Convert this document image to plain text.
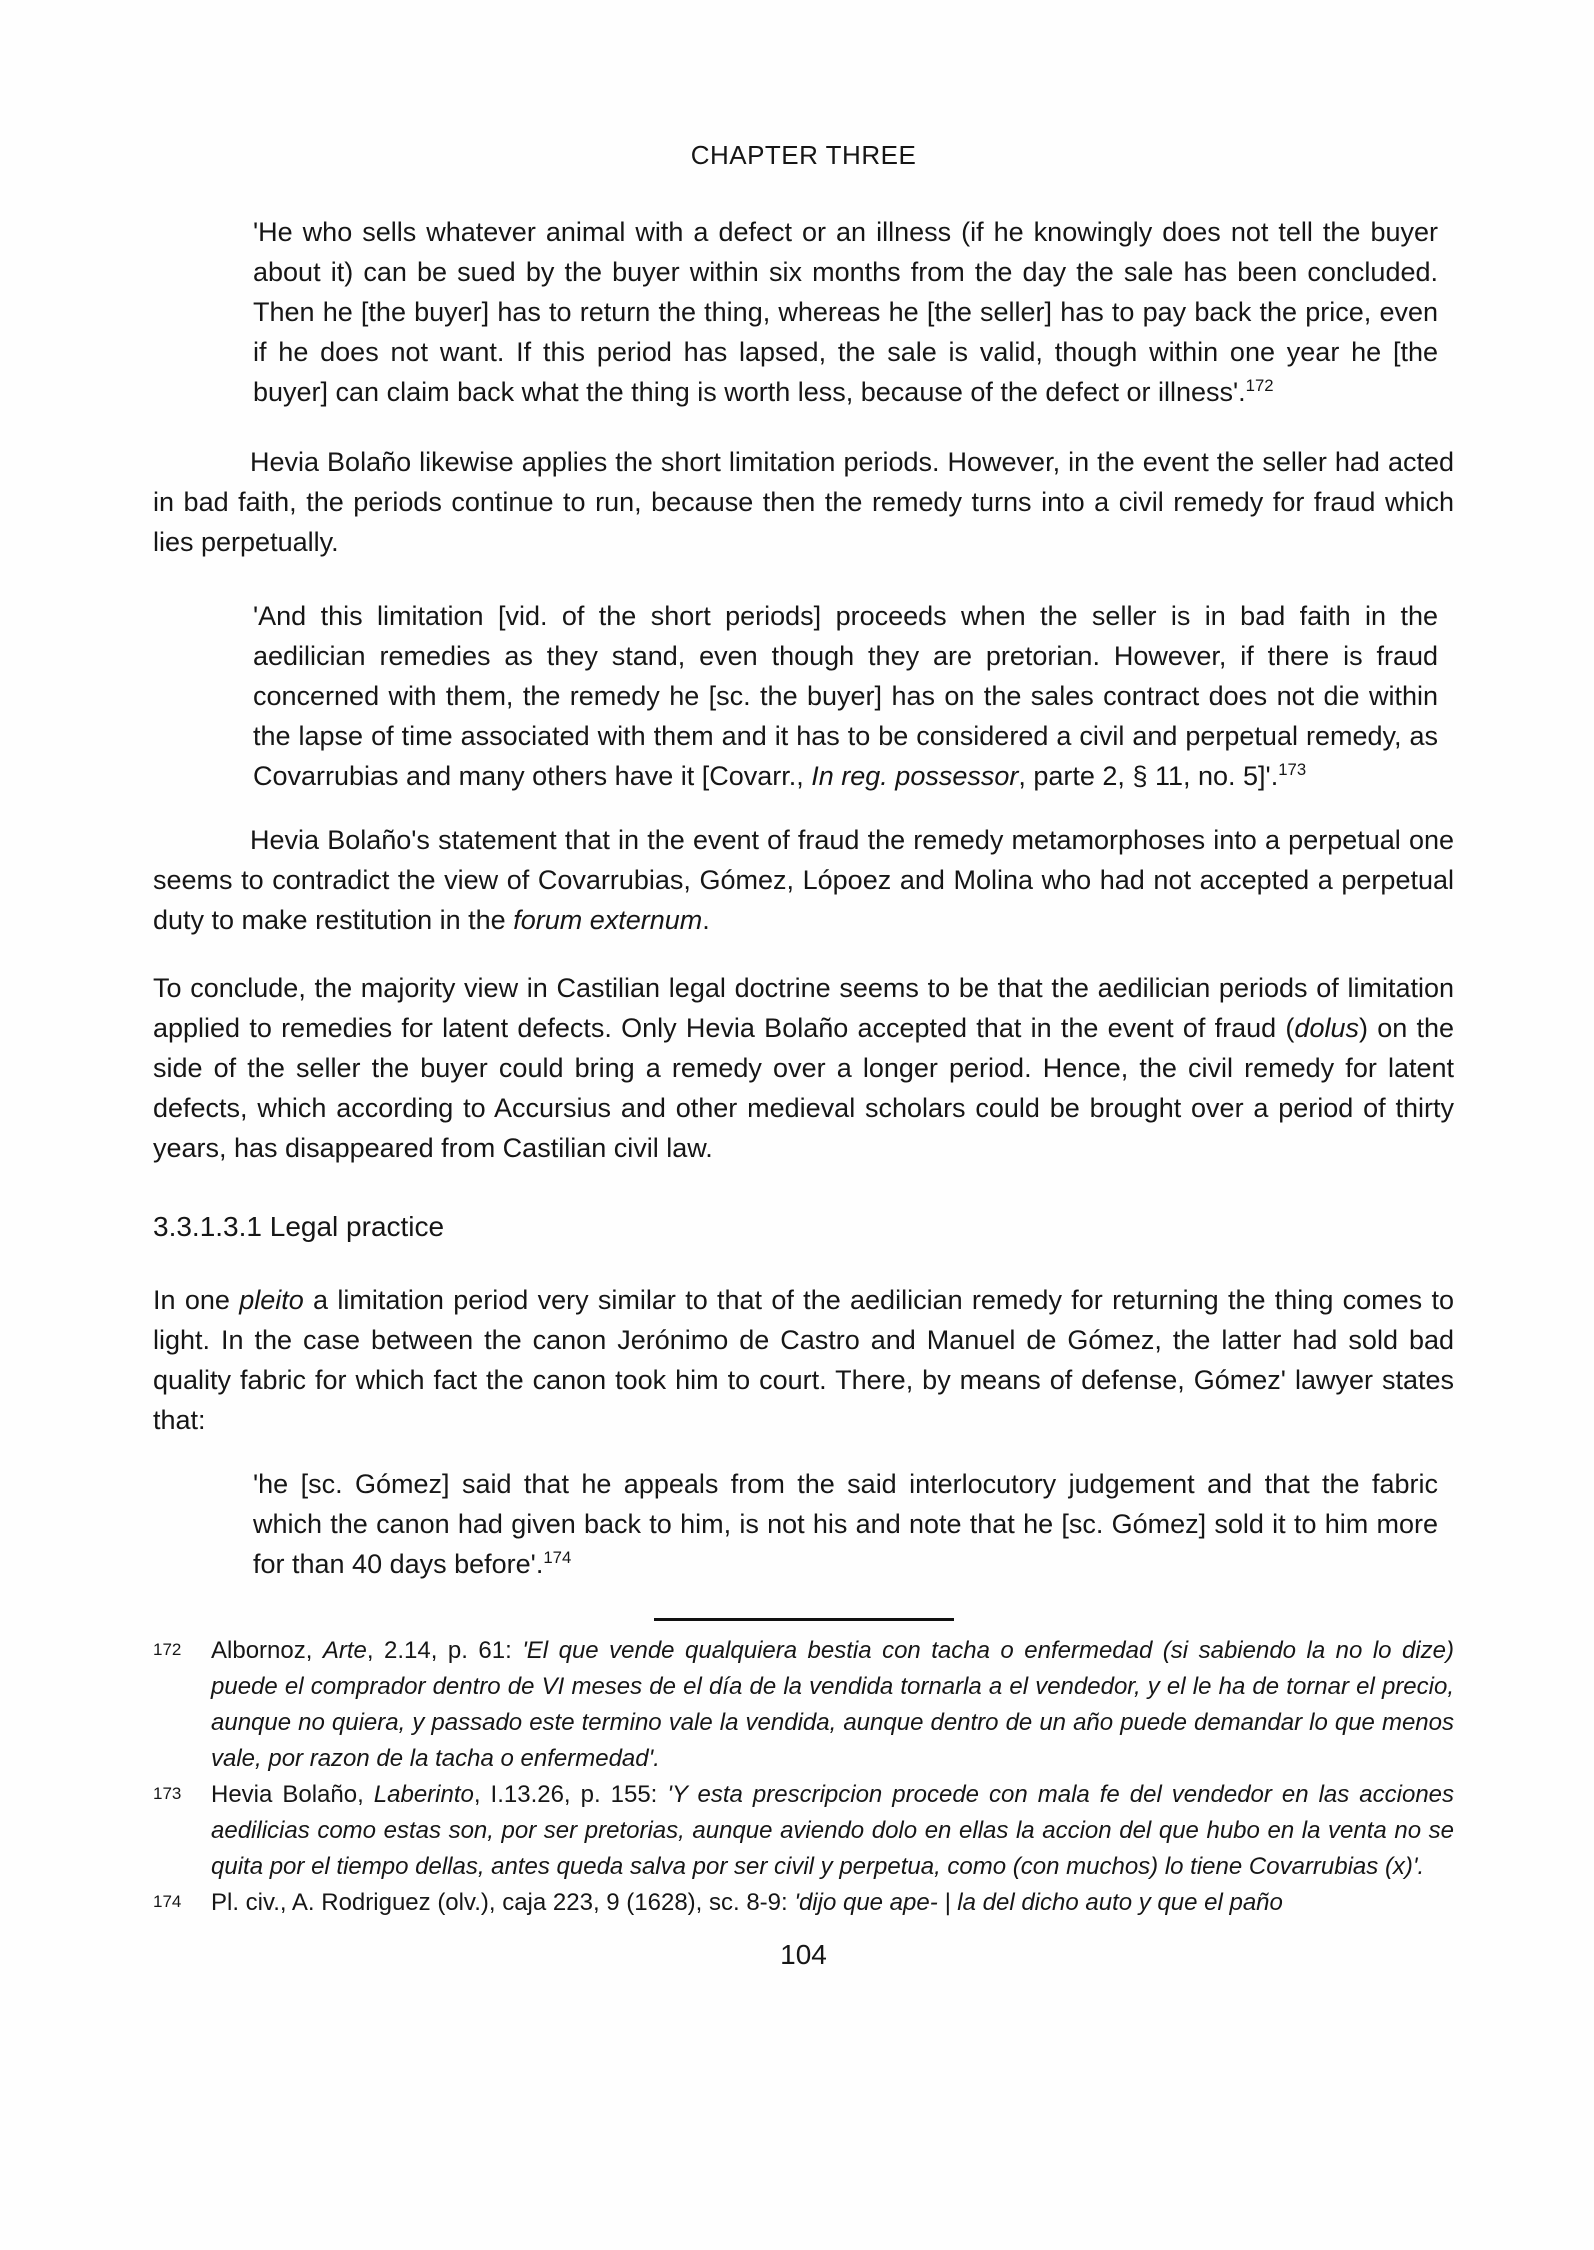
CHAPTER THREE

'He who sells whatever animal with a defect or an illness (if he knowingly does not tell the buyer about it) can be sued by the buyer within six months from the day the sale has been concluded. Then he [the buyer] has to return the thing, whereas he [the seller] has to pay back the price, even if he does not want. If this period has lapsed, the sale is valid, though within one year he [the buyer] can claim back what the thing is worth less, because of the defect or illness'.$^{172}$

Hevia Bolaño likewise applies the short limitation periods. However, in the event the seller had acted in bad faith, the periods continue to run, because then the remedy turns into a civil remedy for fraud which lies perpetually.

'And this limitation [vid. of the short periods] proceeds when the seller is in bad faith in the aedilician remedies as they stand, even though they are pretorian. However, if there is fraud concerned with them, the remedy he [sc. the buyer] has on the sales contract does not die within the lapse of time associated with them and it has to be considered a civil and perpetual remedy, as Covarrubias and many others have it [Covarr., In reg. possessor, parte 2, § 11, no. 5]'.$^{173}$

Hevia Bolaño's statement that in the event of fraud the remedy metamorphoses into a perpetual one seems to contradict the view of Covarrubias, Gómez, Lópoez and Molina who had not accepted a perpetual duty to make restitution in the forum externum.

To conclude, the majority view in Castilian legal doctrine seems to be that the aedilician periods of limitation applied to remedies for latent defects. Only Hevia Bolaño accepted that in the event of fraud (dolus) on the side of the seller the buyer could bring a remedy over a longer period. Hence, the civil remedy for latent defects, which according to Accursius and other medieval scholars could be brought over a period of thirty years, has disappeared from Castilian civil law.

3.3.1.3.1 Legal practice

In one pleito a limitation period very similar to that of the aedilician remedy for returning the thing comes to light. In the case between the canon Jerónimo de Castro and Manuel de Gómez, the latter had sold bad quality fabric for which fact the canon took him to court. There, by means of defense, Gómez' lawyer states that:

'he [sc. Gómez] said that he appeals from the said interlocutory judgement and that the fabric which the canon had given back to him, is not his and note that he [sc. Gómez] sold it to him more for than 40 days before'.$^{174}$

172 Albornoz, Arte, 2.14, p. 61: 'El que vende qualquiera bestia con tacha o enfermedad (si sabiendo la no lo dize) puede el comprador dentro de VI meses de el día de la vendida tornarla a el vendedor, y el le ha de tornar el precio, aunque no quiera, y passado este termino vale la vendida, aunque dentro de un año puede demandar lo que menos vale, por razon de la tacha o enfermedad'.
173 Hevia Bolaño, Laberinto, I.13.26, p. 155: 'Y esta prescripcion procede con mala fe del vendedor en las acciones aedilicias como estas son, por ser pretorias, aunque aviendo dolo en ellas la accion del que hubo en la venta no se quita por el tiempo dellas, antes queda salva por ser civil y perpetua, como (con muchos) lo tiene Covarrubias (x)'.
174 Pl. civ., A. Rodriguez (olv.), caja 223, 9 (1628), sc. 8-9: 'dijo que ape- | la del dicho auto y que el paño
104
